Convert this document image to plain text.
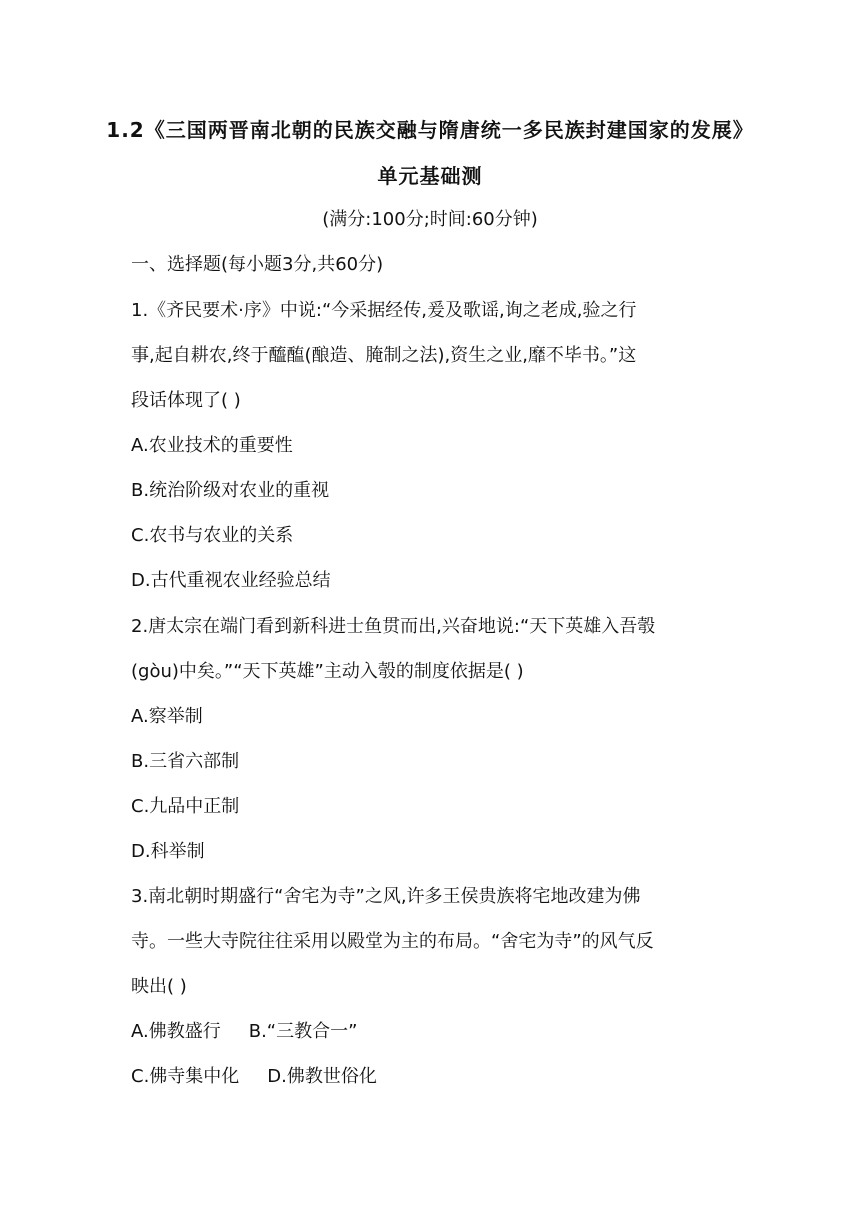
1.2《三国两晋南北朝的民族交融与隋唐统一多民族封建国家的发展》
单元基础测
(满分:100分;时间:60分钟)
一、选择题(每小题3分,共60分)
1.《齐民要术·序》中说:“今采据经传,爰及歌谣,询之老成,验之行
事,起自耕农,终于醯醢(酿造、腌制之法),资生之业,靡不毕书。”这
段话体现了( )
A.农业技术的重要性
B.统治阶级对农业的重视
C.农书与农业的关系
D.古代重视农业经验总结
2.唐太宗在端门看到新科进士鱼贯而出,兴奋地说:“天下英雄入吾彀
(gòu)中矣。”“天下英雄”主动入彀的制度依据是( )
A.察举制
B.三省六部制
C.九品中正制
D.科举制
3.南北朝时期盛行“舍宅为寺”之风,许多王侯贵族将宅地改建为佛
寺。一些大寺院往往采用以殿堂为主的布局。“舍宅为寺”的风气反
映出( )
A.佛教盛行 B.“三教合一”
C.佛寺集中化 D.佛教世俗化
